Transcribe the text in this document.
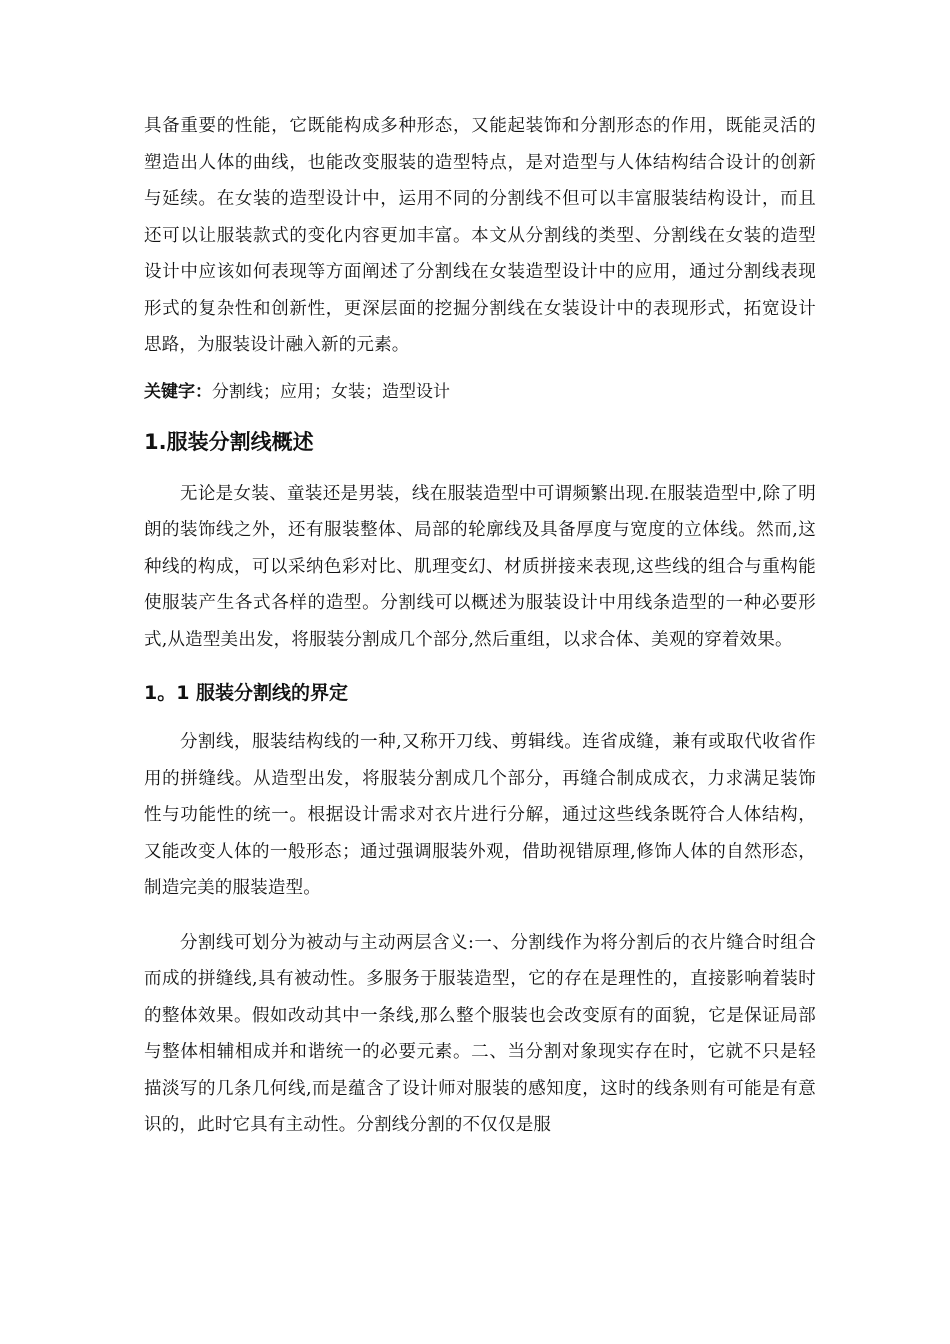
具备重要的性能，它既能构成多种形态，又能起装饰和分割形态的作用，既能灵活的塑造出人体的曲线，也能改变服装的造型特点，是对造型与人体结构结合设计的创新与延续。在女装的造型设计中，运用不同的分割线不但可以丰富服装结构设计，而且还可以让服装款式的变化内容更加丰富。本文从分割线的类型、分割线在女装的造型设计中应该如何表现等方面阐述了分割线在女装造型设计中的应用，通过分割线表现形式的复杂性和创新性，更深层面的挖掘分割线在女装设计中的表现形式，拓宽设计思路，为服装设计融入新的元素。

关键字：分割线；应用；女装；造型设计

1.服装分割线概述

无论是女装、童装还是男装，线在服装造型中可谓频繁出现.在服装造型中,除了明朗的装饰线之外，还有服装整体、局部的轮廓线及具备厚度与宽度的立体线。然而,这种线的构成，可以采纳色彩对比、肌理变幻、材质拼接来表现,这些线的组合与重构能使服装产生各式各样的造型。分割线可以概述为服装设计中用线条造型的一种必要形式,从造型美出发，将服装分割成几个部分,然后重组，以求合体、美观的穿着效果。

1。1 服装分割线的界定

分割线，服装结构线的一种,又称开刀线、剪辑线。连省成缝，兼有或取代收省作用的拼缝线。从造型出发，将服装分割成几个部分，再缝合制成成衣，力求满足装饰性与功能性的统一。根据设计需求对衣片进行分解，通过这些线条既符合人体结构，又能改变人体的一般形态；通过强调服装外观，借助视错原理,修饰人体的自然形态，制造完美的服装造型。

分割线可划分为被动与主动两层含义:一、分割线作为将分割后的衣片缝合时组合而成的拼缝线,具有被动性。多服务于服装造型，它的存在是理性的，直接影响着装时的整体效果。假如改动其中一条线,那么整个服装也会改变原有的面貌，它是保证局部与整体相辅相成并和谐统一的必要元素。二、当分割对象现实存在时，它就不只是轻描淡写的几条几何线,而是蕴含了设计师对服装的感知度，这时的线条则有可能是有意识的，此时它具有主动性。分割线分割的不仅仅是服
